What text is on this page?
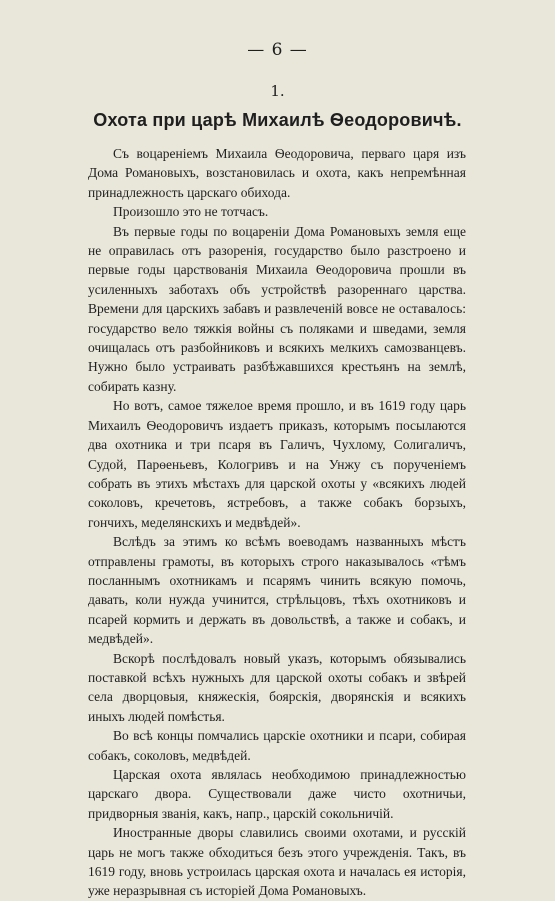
— 6 —
1.
Охота при царѣ Михаилѣ Ѳеодоровичѣ.

Съ воцареніемъ Михаила Ѳеодоровича, перваго царя изъ Дома Романовыхъ, возстановилась и охота, какъ непремѣнная принадлежность царскаго обихода.

Произошло это не тотчасъ.

Въ первые годы по воцареніи Дома Романовыхъ земля еще не оправилась отъ разоренія, государство было разстроено и первые годы царствованія Михаила Ѳеодоровича прошли въ усиленныхъ заботахъ объ устройствѣ разореннаго царства. Времени для царскихъ забавъ и развлеченій вовсе не оставалось: государство вело тяжкія войны съ поляками и шведами, земля очищалась отъ разбойниковъ и всякихъ мелкихъ самозванцевъ. Нужно было устраивать разбѣжавшихся крестьянъ на землѣ, собирать казну.

Но вотъ, самое тяжелое время прошло, и въ 1619 году царь Михаилъ Ѳеодоровичъ издаетъ приказъ, которымъ посылаются два охотника и три псаря въ Галичъ, Чухлому, Солигаличъ, Судой, Парѳеньевъ, Кологривъ и на Унжу съ порученіемъ собрать въ этихъ мѣстахъ для царской охоты у «всякихъ людей соколовъ, кречетовъ, ястребовъ, а также собакъ борзыхъ, гончихъ, меделянскихъ и медвѣдей».

Вслѣдъ за этимъ ко всѣмъ воеводамъ названныхъ мѣстъ отправлены грамоты, въ которыхъ строго наказывалось «тѣмъ посланнымъ охотникамъ и псарямъ чинить всякую помочь, давать, коли нужда учинится, стрѣльцовъ, тѣхъ охотниковъ и псарей кормить и держать въ довольствѣ, а также и собакъ, и медвѣдей».

Вскорѣ послѣдовалъ новый указъ, которымъ обязывались поставкой всѣхъ нужныхъ для царской охоты собакъ и звѣрей села дворцовыя, княжескія, боярскія, дворянскія и всякихъ иныхъ людей помѣстья.

Во всѣ концы помчались царскіе охотники и псари, собирая собакъ, соколовъ, медвѣдей.

Царская охота являлась необходимою принадлежностью царскаго двора. Существовали даже чисто охотничьи, придворныя званія, какъ, напр., царскій сокольничій.

Иностранные дворы славились своими охотами, и русскій царь не могъ также обходиться безъ этого учрежденія. Такъ, въ 1619 году, вновь устроилась царская охота и началась ея исторія, уже неразрывная съ исторіей Дома Романовыхъ.
